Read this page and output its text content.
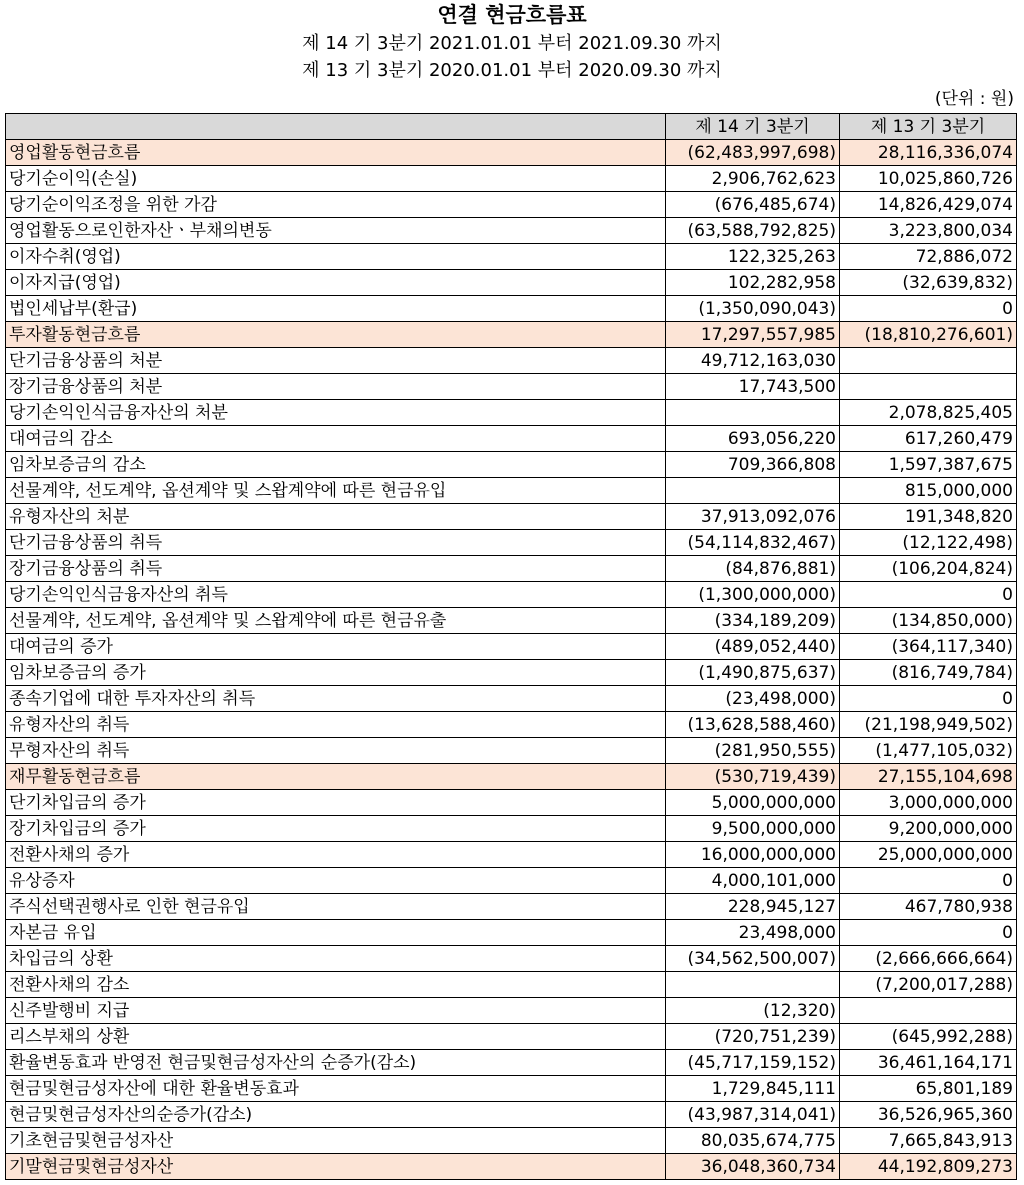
연결 현금흐름표
제 14 기 3분기 2021.01.01 부터 2021.09.30 까지
제 13 기 3분기 2020.01.01 부터 2020.09.30 까지
(단위 : 원)
	제 14 기 3분기	제 13 기 3분기
영업활동현금흐름	(62,483,997,698)	28,116,336,074
당기순이익(손실)	2,906,762,623	10,025,860,726
당기순이익조정을 위한 가감	(676,485,674)	14,826,429,074
영업활동으로인한자산ㆍ부채의변동	(63,588,792,825)	3,223,800,034
이자수취(영업)	122,325,263	72,886,072
이자지급(영업)	102,282,958	(32,639,832)
법인세납부(환급)	(1,350,090,043)	0
투자활동현금흐름	17,297,557,985	(18,810,276,601)
단기금융상품의 처분	49,712,163,030	
장기금융상품의 처분	17,743,500	
당기손익인식금융자산의 처분		2,078,825,405
대여금의 감소	693,056,220	617,260,479
임차보증금의 감소	709,366,808	1,597,387,675
선물계약, 선도계약, 옵션계약 및 스왑계약에 따른 현금유입		815,000,000
유형자산의 처분	37,913,092,076	191,348,820
단기금융상품의 취득	(54,114,832,467)	(12,122,498)
장기금융상품의 취득	(84,876,881)	(106,204,824)
당기손익인식금융자산의 취득	(1,300,000,000)	0
선물계약, 선도계약, 옵션계약 및 스왑계약에 따른 현금유출	(334,189,209)	(134,850,000)
대여금의 증가	(489,052,440)	(364,117,340)
임차보증금의 증가	(1,490,875,637)	(816,749,784)
종속기업에 대한 투자자산의 취득	(23,498,000)	0
유형자산의 취득	(13,628,588,460)	(21,198,949,502)
무형자산의 취득	(281,950,555)	(1,477,105,032)
재무활동현금흐름	(530,719,439)	27,155,104,698
단기차입금의 증가	5,000,000,000	3,000,000,000
장기차입금의 증가	9,500,000,000	9,200,000,000
전환사채의 증가	16,000,000,000	25,000,000,000
유상증자	4,000,101,000	0
주식선택권행사로 인한 현금유입	228,945,127	467,780,938
자본금 유입	23,498,000	0
차입금의 상환	(34,562,500,007)	(2,666,666,664)
전환사채의 감소		(7,200,017,288)
신주발행비 지급	(12,320)	
리스부채의 상환	(720,751,239)	(645,992,288)
환율변동효과 반영전 현금및현금성자산의 순증가(감소)	(45,717,159,152)	36,461,164,171
현금및현금성자산에 대한 환율변동효과	1,729,845,111	65,801,189
현금및현금성자산의순증가(감소)	(43,987,314,041)	36,526,965,360
기초현금및현금성자산	80,035,674,775	7,665,843,913
기말현금및현금성자산	36,048,360,734	44,192,809,273
